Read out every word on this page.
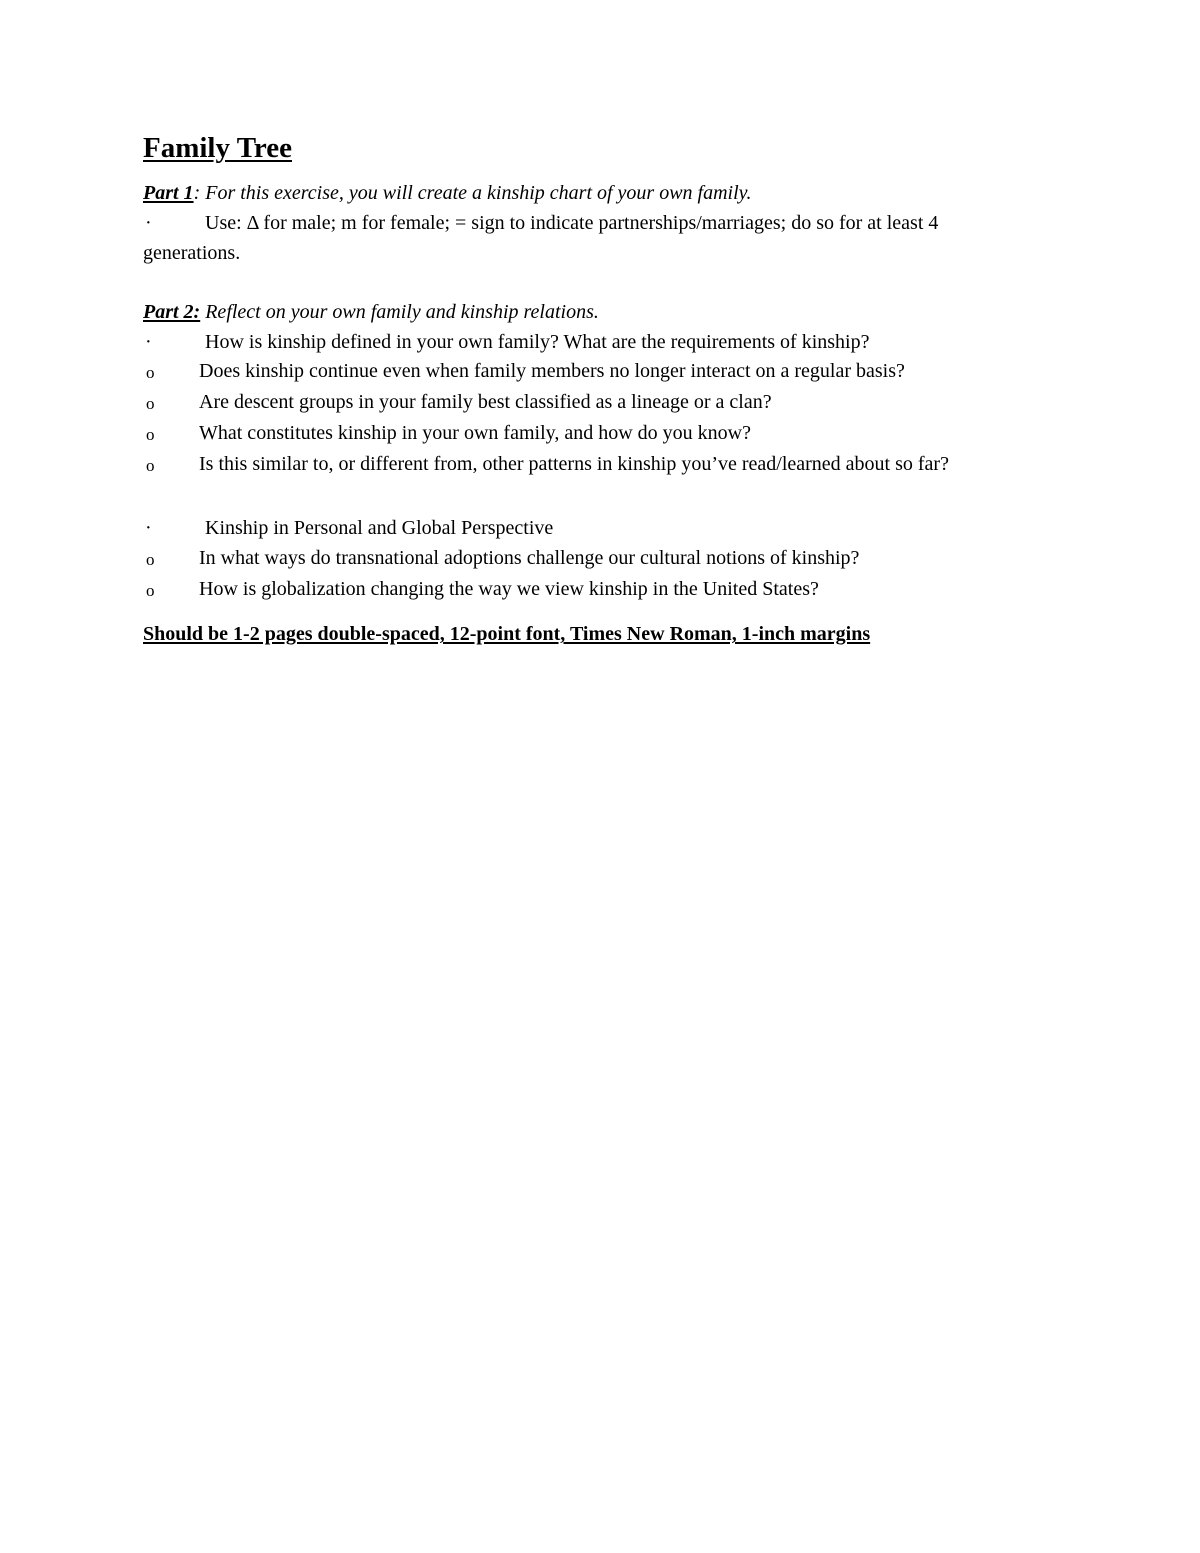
Family Tree

Part 1: For this exercise, you will create a kinship chart of your own family.

·	Use: Δ for male; m for female; = sign to indicate partnerships/marriages; do so for at least 4

generations.

Part 2: Reflect on your own family and kinship relations.

·	How is kinship defined in your own family? What are the requirements of kinship?
o	Does kinship continue even when family members no longer interact on a regular basis?
o	Are descent groups in your family best classified as a lineage or a clan?
o	What constitutes kinship in your own family, and how do you know?
o	Is this similar to, or different from, other patterns in kinship you’ve read/learned about so far?
·	Kinship in Personal and Global Perspective
o	In what ways do transnational adoptions challenge our cultural notions of kinship?
o	How is globalization changing the way we view kinship in the United States?
Should be 1-2 pages double-spaced, 12-point font, Times New Roman, 1-inch margins
